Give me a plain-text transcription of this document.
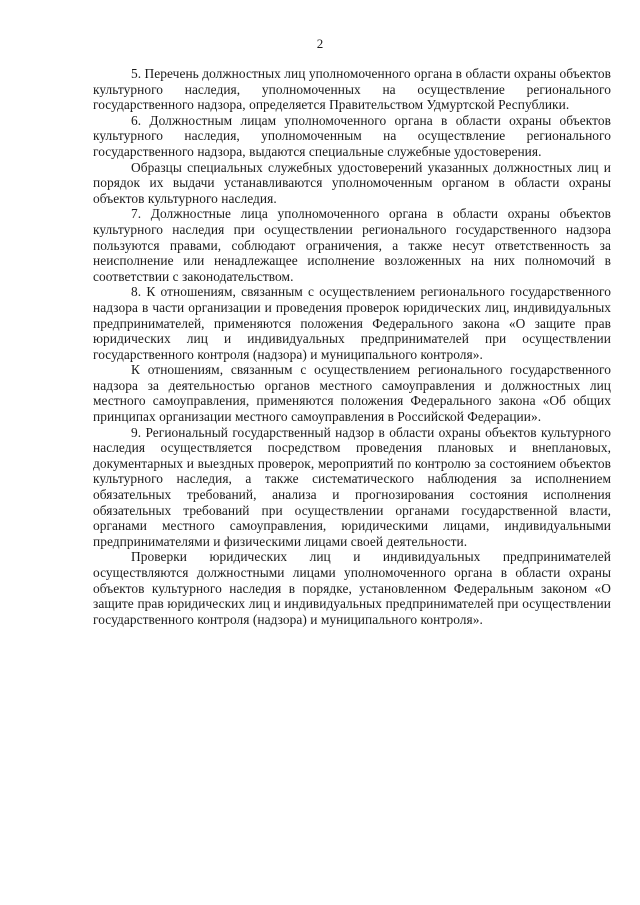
2

5. Перечень должностных лиц уполномоченного органа в области охраны объектов культурного наследия, уполномоченных на осуществление регионального государственного надзора, определяется Правительством Удмуртской Республики.

6. Должностным лицам уполномоченного органа в области охраны объектов культурного наследия, уполномоченным на осуществление регионального государственного надзора, выдаются специальные служебные удостоверения.

Образцы специальных служебных удостоверений указанных должностных лиц и порядок их выдачи устанавливаются уполномоченным органом в области охраны объектов культурного наследия.

7. Должностные лица уполномоченного органа в области охраны объектов культурного наследия при осуществлении регионального государственного надзора пользуются правами, соблюдают ограничения, а также несут ответственность за неисполнение или ненадлежащее исполнение возложенных на них полномочий в соответствии с законодательством.

8. К отношениям, связанным с осуществлением регионального государственного надзора в части организации и проведения проверок юридических лиц, индивидуальных предпринимателей, применяются положения Федерального закона «О защите прав юридических лиц и индивидуальных предпринимателей при осуществлении государственного контроля (надзора) и муниципального контроля».

К отношениям, связанным с осуществлением регионального государственного надзора за деятельностью органов местного самоуправления и должностных лиц местного самоуправления, применяются положения Федерального закона «Об общих принципах организации местного самоуправления в Российской Федерации».

9. Региональный государственный надзор в области охраны объектов культурного наследия осуществляется посредством проведения плановых и внеплановых, документарных и выездных проверок, мероприятий по контролю за состоянием объектов культурного наследия, а также систематического наблюдения за исполнением обязательных требований, анализа и прогнозирования состояния исполнения обязательных требований при осуществлении органами государственной власти, органами местного самоуправления, юридическими лицами, индивидуальными предпринимателями и физическими лицами своей деятельности.

Проверки юридических лиц и индивидуальных предпринимателей осуществляются должностными лицами уполномоченного органа в области охраны объектов культурного наследия в порядке, установленном Федеральным законом «О защите прав юридических лиц и индивидуальных предпринимателей при осуществлении государственного контроля (надзора) и муниципального контроля».
